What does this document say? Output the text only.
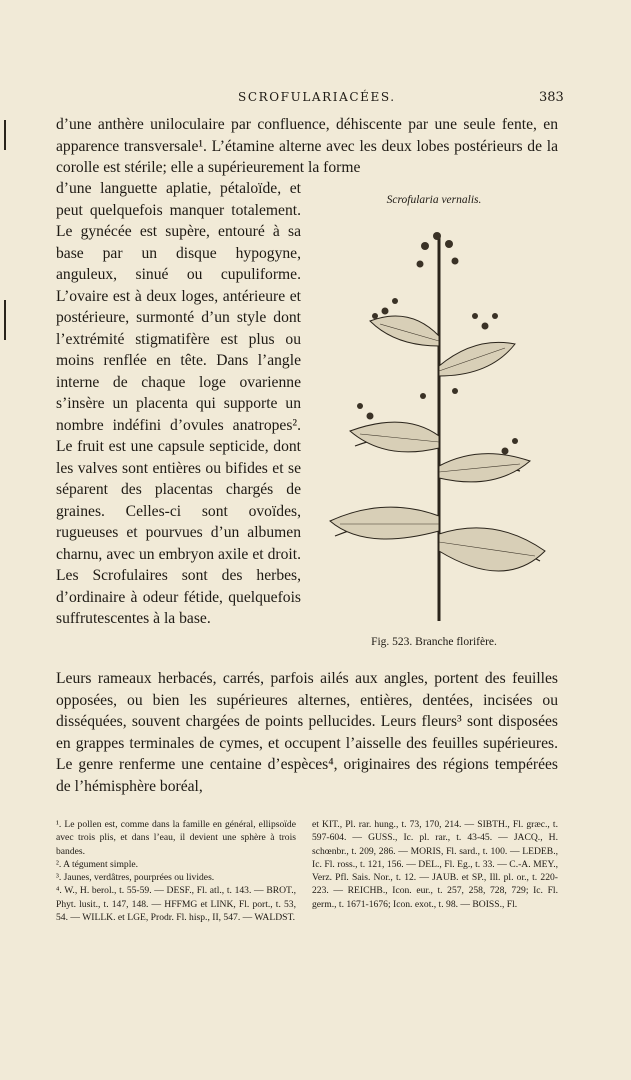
SCROFULARIACÉES.	383

d’une anthère uniloculaire par confluence, déhiscente par une seule fente, en apparence transversale¹. L’étamine alterne avec les deux lobes postérieurs de la corolle est stérile; elle a supérieurement la forme

d’une languette aplatie, pétaloïde, et peut quelquefois manquer totalement. Le gynécée est supère, entouré à sa base par un disque hypogyne, anguleux, sinué ou cupuliforme. L’ovaire est à deux loges, antérieure et postérieure, surmonté d’un style dont l’extrémité stigmatifère est plus ou moins renflée en tête. Dans l’angle interne de chaque loge ovarienne s’insère un placenta qui supporte un nombre indéfini d’ovules anatropes². Le fruit est une capsule septicide, dont les valves sont entières ou bifides et se séparent des placentas chargés de graines. Celles-ci sont ovoïdes, rugueuses et pourvues d’un albumen charnu, avec un embryon axile et droit. Les Scrofulaires sont des herbes, d’ordinaire à odeur fétide, quelquefois suffrutescentes à la base.

Scrofularia vernalis.
Fig. 523. Branche florifère.

Leurs rameaux herbacés, carrés, parfois ailés aux angles, portent des feuilles opposées, ou bien les supérieures alternes, entières, dentées, incisées ou disséquées, souvent chargées de points pellucides. Leurs fleurs³ sont disposées en grappes terminales de cymes, et occupent l’aisselle des feuilles supérieures. Le genre renferme une centaine d’espèces⁴, originaires des régions tempérées de l’hémisphère boréal,

¹. Le pollen est, comme dans la famille en général, ellipsoïde avec trois plis, et dans l’eau, il devient une sphère à trois bandes.

². A tégument simple.

³. Jaunes, verdâtres, pourprées ou livides.

⁴. W., H. berol., t. 55-59. — DESF., Fl. atl., t. 143. — BROT., Phyt. lusit., t. 147, 148. — HFFMG et LINK, Fl. port., t. 53, 54. — WILLK. et LGE, Prodr. Fl. hisp., II, 547. — WALDST.

et KIT., Pl. rar. hung., t. 73, 170, 214. — SIBTH., Fl. græc., t. 597-604. — GUSS., Ic. pl. rar., t. 43-45. — JACQ., H. schœnbr., t. 209, 286. — MORIS, Fl. sard., t. 100. — LEDEB., Ic. Fl. ross., t. 121, 156. — DEL., Fl. Eg., t. 33. — C.-A. MEY., Verz. Pfl. Sais. Nor., t. 12. — JAUB. et SP., Ill. pl. or., t. 220-223. — REICHB., Icon. eur., t. 257, 258, 728, 729; Ic. Fl. germ., t. 1671-1676; Icon. exot., t. 98. — BOISS., Fl.
